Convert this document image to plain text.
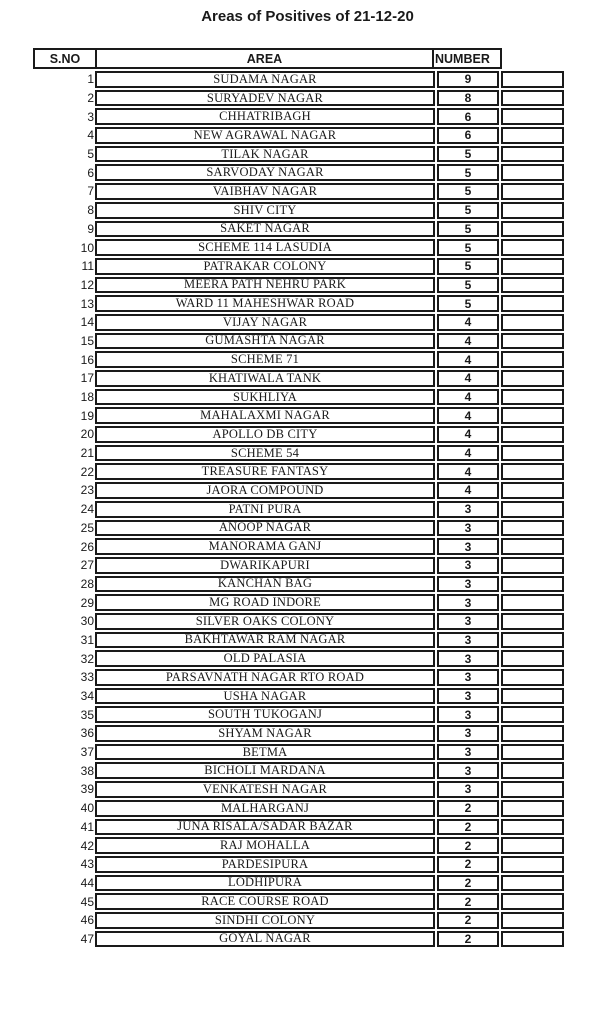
Areas of Positives of 21-12-20
S.NO	AREA	NUMBER
1	SUDAMA NAGAR	9
2	SURYADEV NAGAR	8
3	CHHATRIBAGH	6
4	NEW AGRAWAL NAGAR	6
5	TILAK NAGAR	5
6	SARVODAY NAGAR	5
7	VAIBHAV NAGAR	5
8	SHIV CITY	5
9	SAKET NAGAR	5
10	SCHEME 114 LASUDIA	5
11	PATRAKAR COLONY	5
12	MEERA PATH NEHRU PARK	5
13	WARD 11 MAHESHWAR ROAD	5
14	VIJAY NAGAR	4
15	GUMASHTA NAGAR	4
16	SCHEME 71	4
17	KHATIWALA TANK	4
18	SUKHLIYA	4
19	MAHALAXMI NAGAR	4
20	APOLLO DB CITY	4
21	SCHEME 54	4
22	TREASURE FANTASY	4
23	JAORA COMPOUND	4
24	PATNI PURA	3
25	ANOOP NAGAR	3
26	MANORAMA GANJ	3
27	DWARIKAPURI	3
28	KANCHAN BAG	3
29	MG ROAD INDORE	3
30	SILVER OAKS COLONY	3
31	BAKHTAWAR RAM NAGAR	3
32	OLD PALASIA	3
33	PARSAVNATH NAGAR RTO ROAD	3
34	USHA NAGAR	3
35	SOUTH TUKOGANJ	3
36	SHYAM NAGAR	3
37	BETMA	3
38	BICHOLI MARDANA	3
39	VENKATESH NAGAR	3
40	MALHARGANJ	2
41	JUNA RISALA/SADAR BAZAR	2
42	RAJ MOHALLA	2
43	PARDESIPURA	2
44	LODHIPURA	2
45	RACE COURSE ROAD	2
46	SINDHI COLONY	2
47	GOYAL NAGAR	2
